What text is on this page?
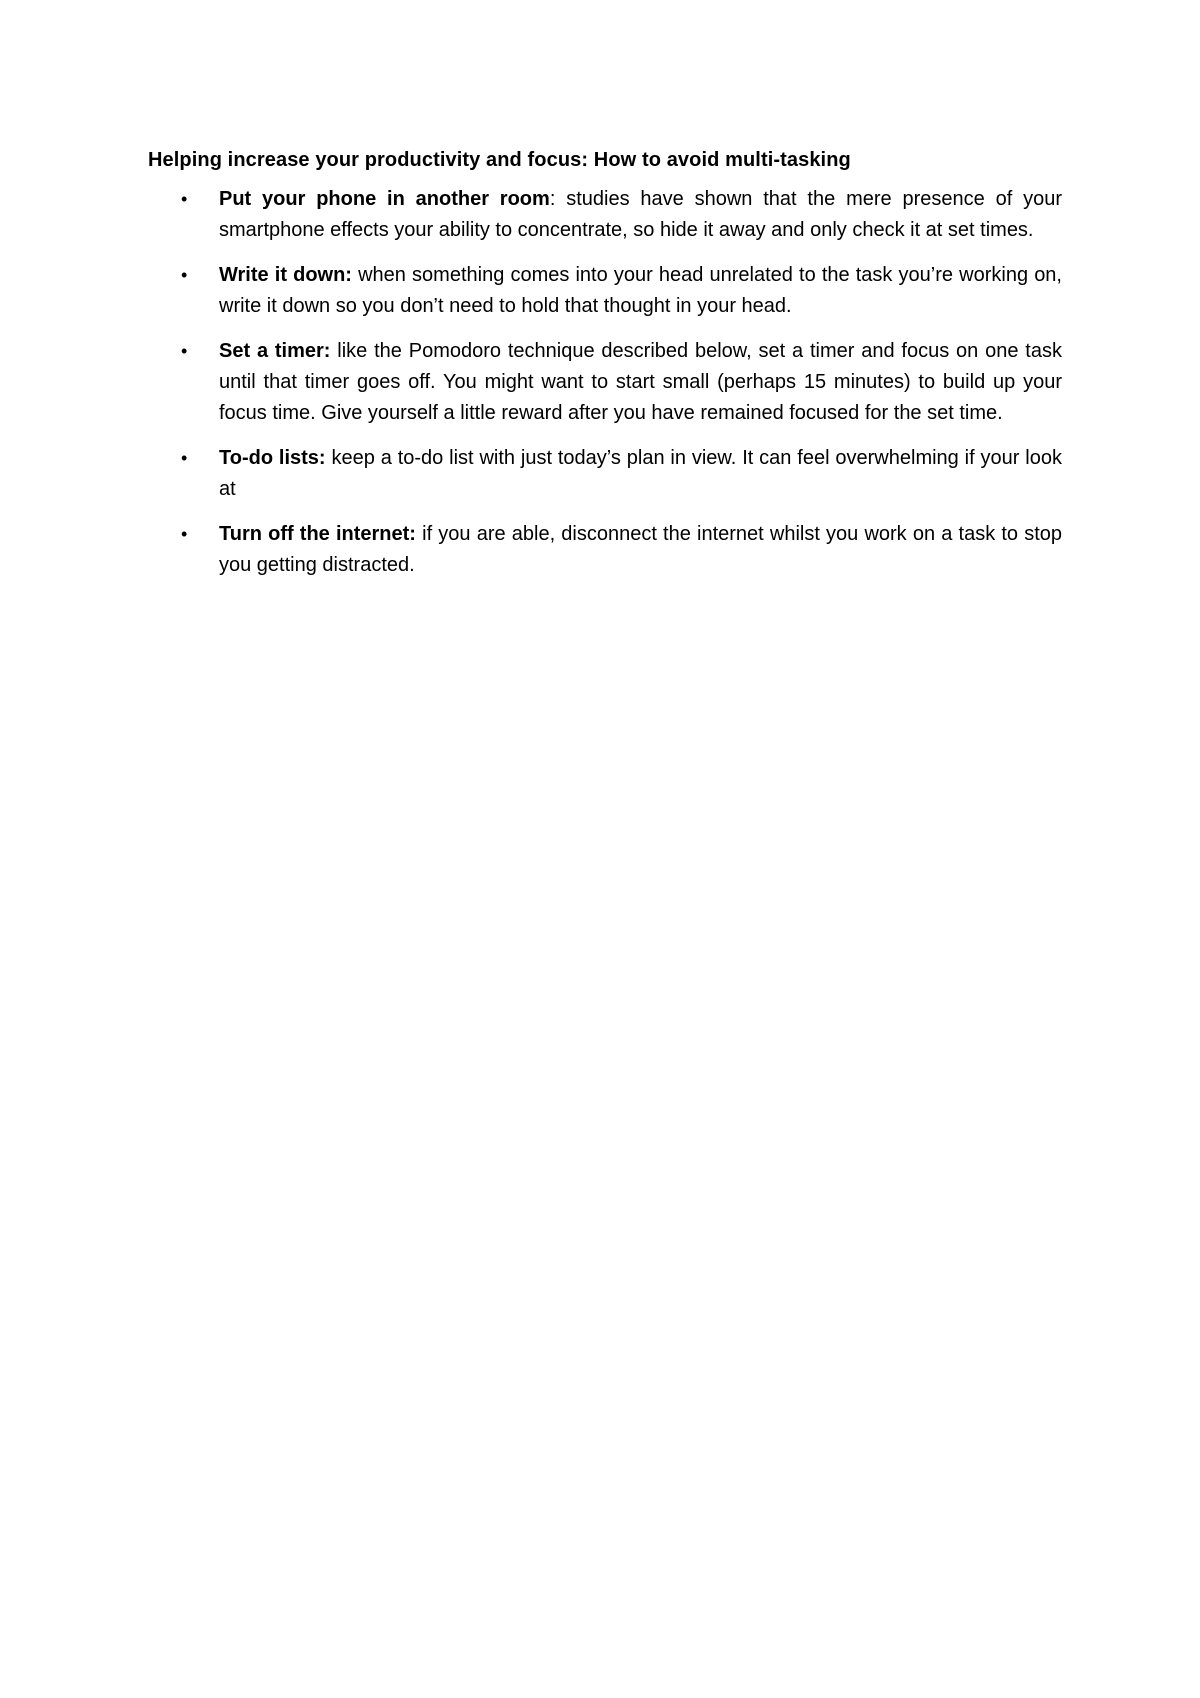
Helping increase your productivity and focus: How to avoid multi-tasking
• Put your phone in another room: studies have shown that the mere presence of your smartphone effects your ability to concentrate, so hide it away and only check it at set times.
• Write it down: when something comes into your head unrelated to the task you’re working on, write it down so you don’t need to hold that thought in your head.
• Set a timer: like the Pomodoro technique described below, set a timer and focus on one task until that timer goes off. You might want to start small (perhaps 15 minutes) to build up your focus time. Give yourself a little reward after you have remained focused for the set time.
• To-do lists: keep a to-do list with just today’s plan in view. It can feel overwhelming if your look at
• Turn off the internet: if you are able, disconnect the internet whilst you work on a task to stop you getting distracted.
